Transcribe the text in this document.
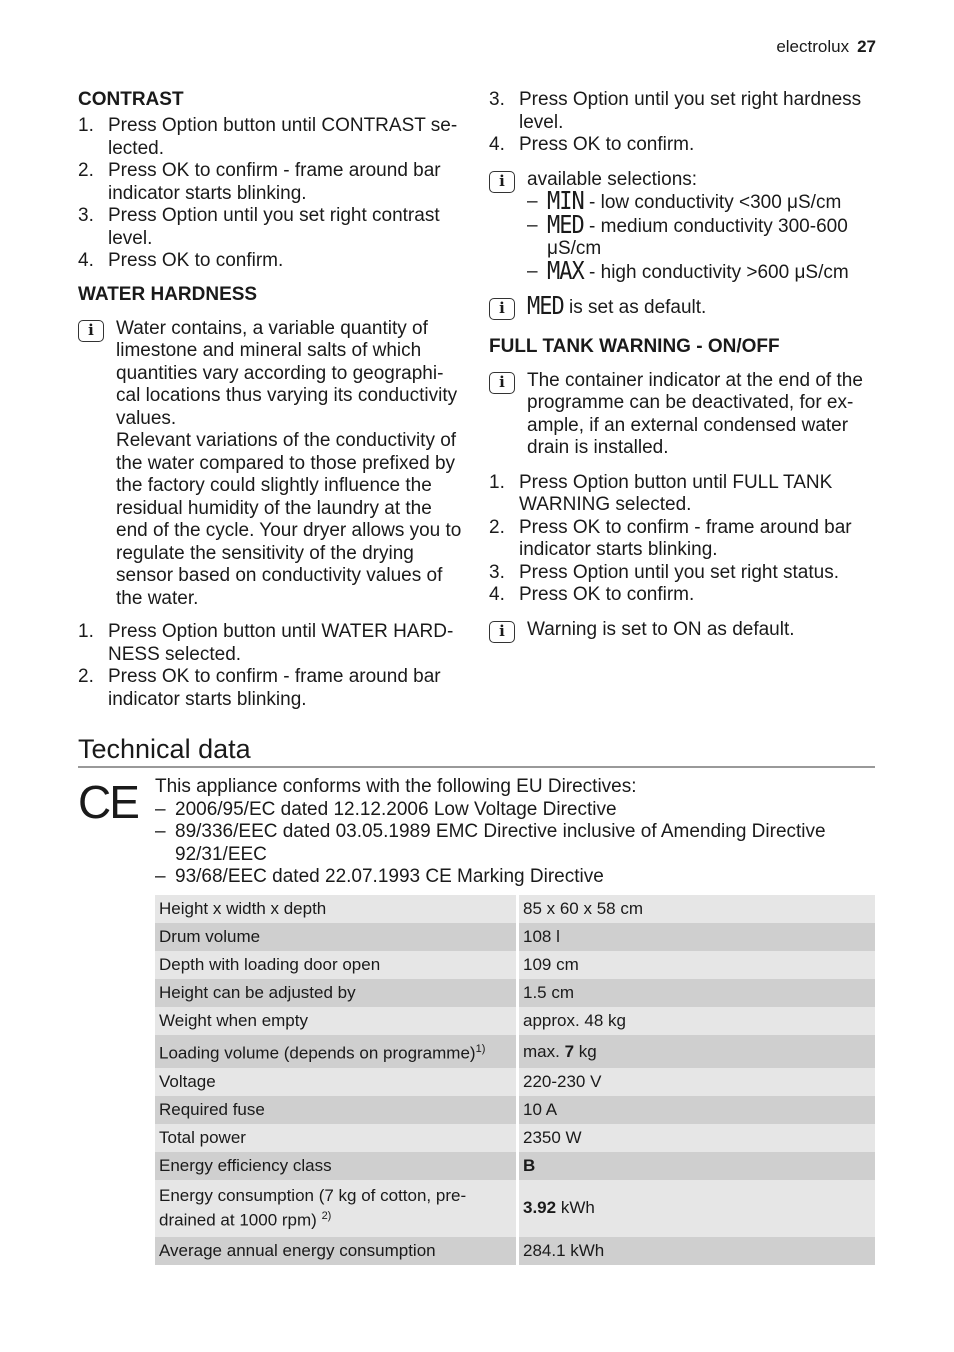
electrolux 27
CONTRAST
1. Press Option button until CONTRAST se-lected.
2. Press OK to confirm - frame around bar indicator starts blinking.
3. Press Option until you set right contrast level.
4. Press OK to confirm.
WATER HARDNESS
i	Water contains, a variable quantity of limestone and mineral salts of which quantities vary according to geographi-cal locations thus varying its conductivity values.
Relevant variations of the conductivity of the water compared to those prefixed by the factory could slightly influence the residual humidity of the laundry at the end of the cycle. Your dryer allows you to regulate the sensitivity of the drying sensor based on conductivity values of the water.
1. Press Option button until WATER HARD-NESS selected.
2. Press OK to confirm - frame around bar indicator starts blinking.
3. Press Option until you set right hardness level.
4. Press OK to confirm.
i	available selections:
– MIN - low conductivity <300 μS/cm
– MED - medium conductivity 300-600 μS/cm
– MAX - high conductivity >600 μS/cm
i	MED is set as default.
FULL TANK WARNING - ON/OFF
i	The container indicator at the end of the programme can be deactivated, for ex-ample, if an external condensed water drain is installed.
1. Press Option button until FULL TANK WARNING selected.
2. Press OK to confirm - frame around bar indicator starts blinking.
3. Press Option until you set right status.
4. Press OK to confirm.
i	Warning is set to ON as default.
Technical data
CE This appliance conforms with the following EU Directives:
– 2006/95/EC dated 12.12.2006 Low Voltage Directive
– 89/336/EEC dated 03.05.1989 EMC Directive inclusive of Amending Directive 92/31/EEC
– 93/68/EEC dated 22.07.1993 CE Marking Directive
Height x width x depth	85 x 60 x 58 cm
Drum volume	108 l
Depth with loading door open	109 cm
Height can be adjusted by	1.5 cm
Weight when empty	approx. 48 kg
Loading volume (depends on programme)$^{1)}$	max. 7 kg
Voltage	220-230 V
Required fuse	10 A
Total power	2350 W
Energy efficiency class	B
Energy consumption (7 kg of cotton, pre-drained at 1000 rpm) $^{2)}$	3.92 kWh
Average annual energy consumption	284.1 kWh
